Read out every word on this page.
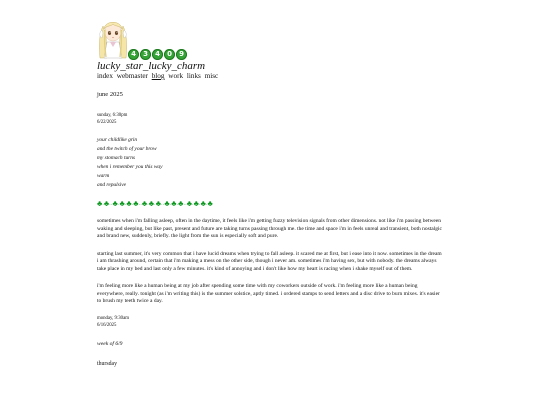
4	3	4	0	9
lucky_star_lucky_charm
index webmaster blog work links misc
june 2025
sunday, 6:30pm
6/22/2025
your childlike grin
and the twitch of your brow
my stomach turns
when i remember you this way
warm
and repulsive
♣ · ♣ · · ♣ · ♣ · ♣ · ♣ · · ♣ · ♣ · ♣ · · ♣ · ♣ · ♣ · · ♣ · ♣ · ♣ · ♣
sometimes when i'm falling asleep, often in the daytime, it feels like i'm getting fuzzy television signals from other dimensions. not like i'm passing between waking and sleeping, but like past, present and future are taking turns passing through me. the time and space i'm in feels unreal and transient, both nostalgic and brand new, suddenly, briefly. the light from the sun is especially soft and pure.
starting last summer, it's very common that i have lucid dreams when trying to fall asleep. it scared me at first, but i ease into it now. sometimes in the dream i am thrashing around, certain that i'm making a mess on the other side, though i never am. sometimes i'm having sex, but with nobody. the dreams always take place in my bed and last only a few minutes. it's kind of annoying and i don't like how my heart is racing when i shake myself out of them.
i'm feeling more like a human being at my job after spending some time with my coworkers outside of work. i'm feeling more like a human being everywhere, really. tonight (as i'm writing this) is the summer solstice, aptly timed. i ordered stamps to send letters and a disc drive to burn mixes. it's easier to brush my teeth twice a day.
monday, 9:30am
6/16/2025
week of 6/9
thursday
